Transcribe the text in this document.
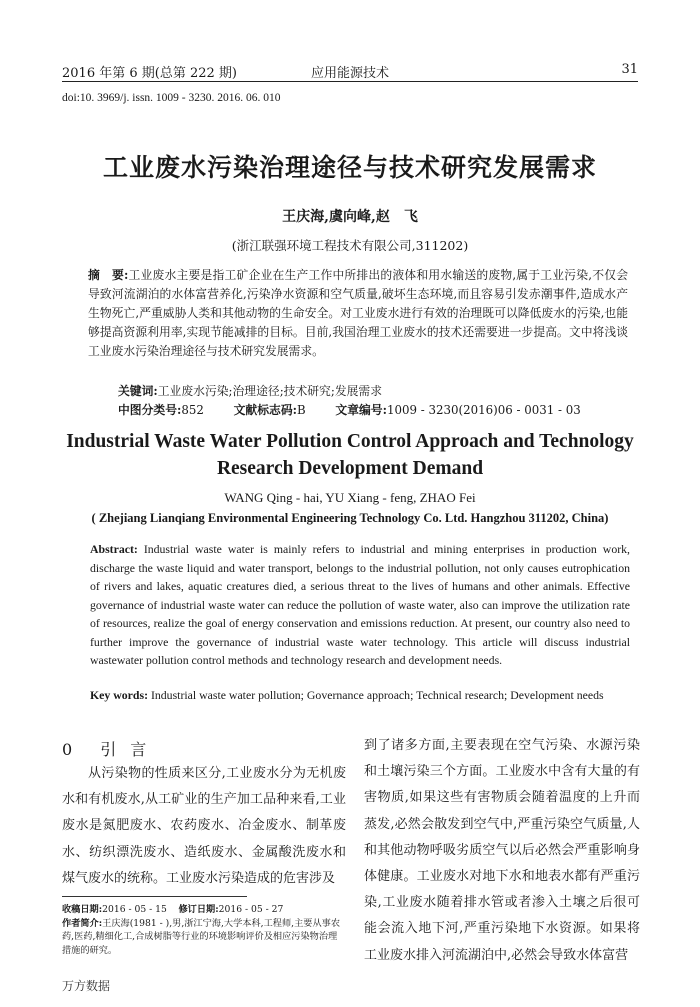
2016 年第 6 期(总第 222 期)	应用能源技术	31
doi:10. 3969/j. issn. 1009 - 3230. 2016. 06. 010
工业废水污染治理途径与技术研究发展需求
王庆海,虞向峰,赵　飞
(浙江联强环境工程技术有限公司,311202)
摘　要:工业废水主要是指工矿企业在生产工作中所排出的液体和用水输送的废物,属于工业污染,不仅会导致河流湖泊的水体富营养化,污染净水资源和空气质量,破坏生态环境,而且容易引发赤潮事件,造成水产生物死亡,严重威胁人类和其他动物的生命安全。对工业废水进行有效的治理既可以降低废水的污染,也能够提高资源利用率,实现节能减排的目标。目前,我国治理工业废水的技术还需要进一步提高。文中将浅谈工业废水污染治理途径与技术研究发展需求。
关键词:工业废水污染;治理途径;技术研究;发展需求
中图分类号:852	文献标志码:B	文章编号:1009 - 3230(2016)06 - 0031 - 03
Industrial Waste Water Pollution Control Approach and Technology Research Development Demand
WANG Qing - hai, YU Xiang - feng, ZHAO Fei
( Zhejiang Lianqiang Environmental Engineering Technology Co. Ltd. Hangzhou 311202, China)
Abstract: Industrial waste water is mainly refers to industrial and mining enterprises in production work, discharge the waste liquid and water transport, belongs to the industrial pollution, not only causes eutrophication of rivers and lakes, aquatic creatures died, a serious threat to the lives of humans and other animals. Effective governance of industrial waste water can reduce the pollution of waste water, also can improve the utilization rate of resources, realize the goal of energy conservation and emissions reduction. At present, our country also need to further improve the governance of industrial waste water technology. This article will discuss industrial wastewater pollution control methods and technology research and development needs.
Key words: Industrial waste water pollution; Governance approach; Technical research; Development needs
0 引言
从污染物的性质来区分,工业废水分为无机废水和有机废水,从工矿业的生产加工品种来看,工业废水是氮肥废水、农药废水、冶金废水、制革废水、纺织漂洗废水、造纸废水、金属酸洗废水和煤气废水的统称。工业废水污染造成的危害涉及
到了诸多方面,主要表现在空气污染、水源污染和土壤污染三个方面。工业废水中含有大量的有害物质,如果这些有害物质会随着温度的上升而蒸发,必然会散发到空气中,严重污染空气质量,人和其他动物呼吸劣质空气以后必然会严重影响身体健康。工业废水对地下水和地表水都有严重污染,工业废水随着排水管或者渗入土壤之后很可能会流入地下河,严重污染地下水资源。如果将工业废水排入河流湖泊中,必然会导致水体富营
收稿日期:2016 - 05 - 15 修订日期:2016 - 05 - 27
作者简介:王庆海(1981 - ),男,浙江宁海,大学本科,工程师,主要从事农药,医药,精细化工,合成树脂等行业的环境影响评价及相应污染物治理措施的研究。
万方数据
